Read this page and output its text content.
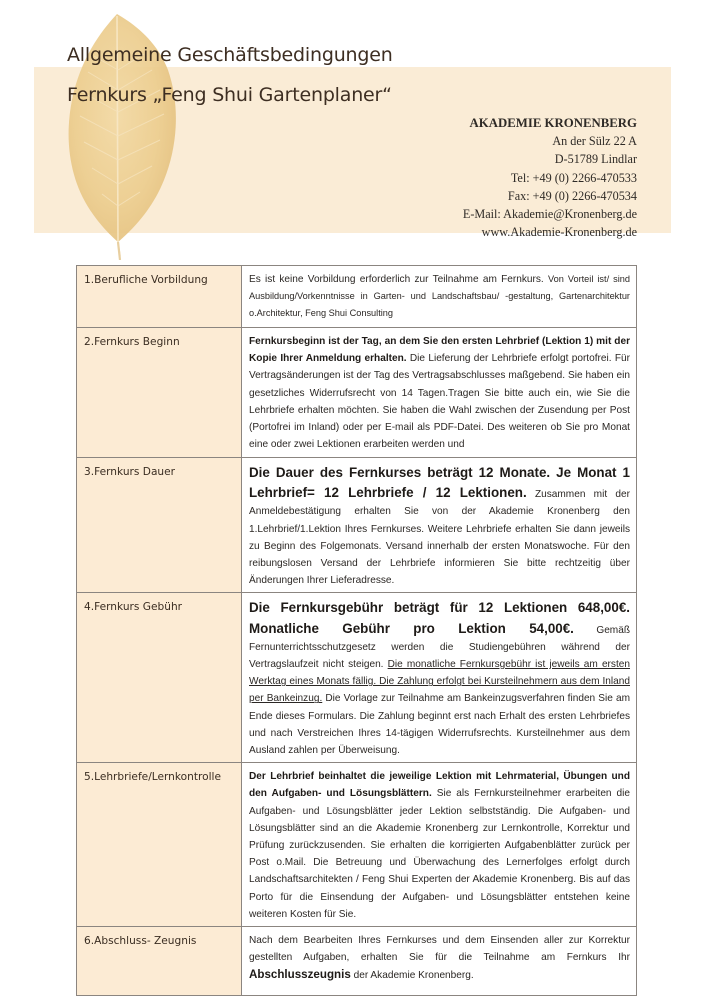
Allgemeine Geschäftsbedingungen
Fernkurs „Feng Shui Gartenplaner“
AKADEMIE KRONENBERG
An der Sülz 22 A
D-51789 Lindlar
Tel: +49 (0) 2266-470533
Fax: +49 (0) 2266-470534
E-Mail: Akademie@Kronenberg.de
www.Akademie-Kronenberg.de
1.Berufliche Vorbildung	Es ist keine Vorbildung erforderlich zur Teilnahme am Fernkurs. Von Vorteil ist/ sind Ausbildung/Vorkenntnisse in Garten- und Landschaftsbau/ -gestaltung, Gartenarchitektur o.Architektur, Feng Shui Consulting
2.Fernkurs Beginn	Fernkursbeginn ist der Tag, an dem Sie den ersten Lehrbrief (Lektion 1) mit der Kopie Ihrer Anmeldung erhalten. Die Lieferung der Lehrbriefe erfolgt portofrei. Für Vertragsänderungen ist der Tag des Vertragsabschlusses maßgebend. Sie haben ein gesetzliches Widerrufsrecht von 14 Tagen.Tragen Sie bitte auch ein, wie Sie die Lehrbriefe erhalten möchten. Sie haben die Wahl zwischen der Zusendung per Post (Portofrei im Inland) oder per E-mail als PDF-Datei. Des weiteren ob Sie pro Monat eine oder zwei Lektionen erarbeiten werden und
3.Fernkurs Dauer	Die Dauer des Fernkurses beträgt 12 Monate. Je Monat 1 Lehrbrief= 12 Lehrbriefe / 12 Lektionen. Zusammen mit der Anmeldebestätigung erhalten Sie von der Akademie Kronenberg den 1.Lehrbrief/1.Lektion Ihres Fernkurses. Weitere Lehrbriefe erhalten Sie dann jeweils zu Beginn des Folgemonats. Versand innerhalb der ersten Monatswoche. Für den reibungslosen Versand der Lehrbriefe informieren Sie bitte rechtzeitig über Änderungen Ihrer Lieferadresse.
4.Fernkurs Gebühr	Die Fernkursgebühr beträgt für 12 Lektionen 648,00€. Monatliche Gebühr pro Lektion 54,00€. Gemäß Fernunterrichtsschutzgesetz werden die Studiengebühren während der Vertragslaufzeit nicht steigen. Die monatliche Fernkursgebühr ist jeweils am ersten Werktag eines Monats fällig. Die Zahlung erfolgt bei Kursteilnehmern aus dem Inland per Bankeinzug. Die Vorlage zur Teilnahme am Bankeinzugsverfahren finden Sie am Ende dieses Formulars. Die Zahlung beginnt erst nach Erhalt des ersten Lehrbriefes und nach Verstreichen Ihres 14-tägigen Widerrufsrechts. Kursteilnehmer aus dem Ausland zahlen per Überweisung.
5.Lehrbriefe/Lernkontrolle	Der Lehrbrief beinhaltet die jeweilige Lektion mit Lehrmaterial, Übungen und den Aufgaben- und Lösungsblättern. Sie als Fernkursteilnehmer erarbeiten die Aufgaben- und Lösungsblätter jeder Lektion selbstständig. Die Aufgaben- und Lösungsblätter sind an die Akademie Kronenberg zur Lernkontrolle, Korrektur und Prüfung zurückzusenden. Sie erhalten die korrigierten Aufgabenblätter zurück per Post o.Mail. Die Betreuung und Überwachung des Lernerfolges erfolgt durch Landschaftsarchitekten / Feng Shui Experten der Akademie Kronenberg. Bis auf das Porto für die Einsendung der Aufgaben- und Lösungsblätter entstehen keine weiteren Kosten für Sie.
6.Abschluss- Zeugnis	Nach dem Bearbeiten Ihres Fernkurses und dem Einsenden aller zur Korrektur gestellten Aufgaben, erhalten Sie für die Teilnahme am Fernkurs Ihr Abschlusszeugnis der Akademie Kronenberg.
